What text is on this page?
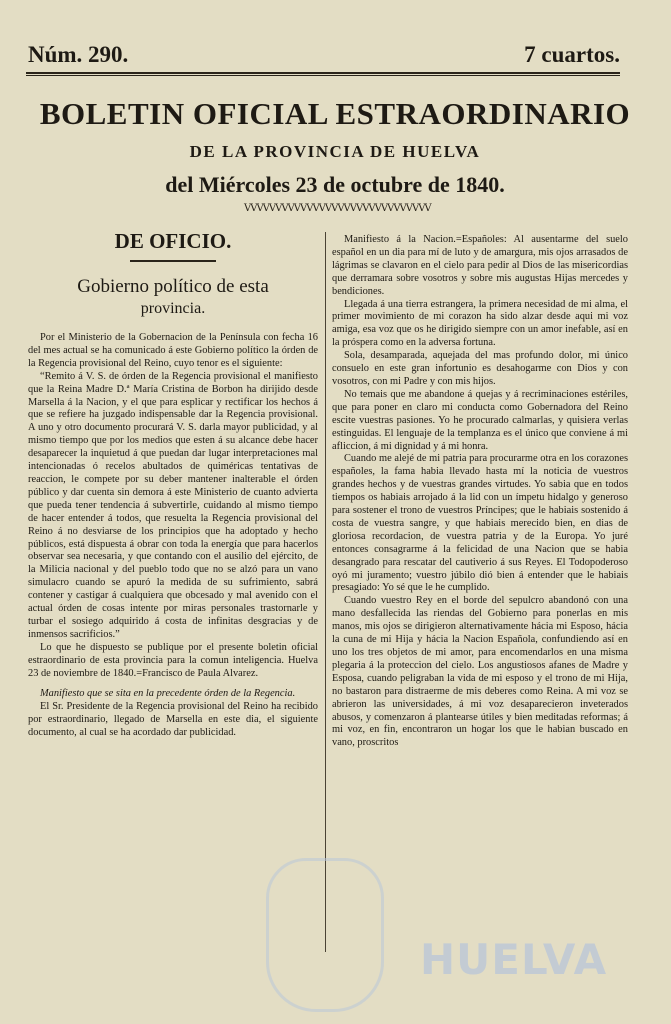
Núm. 290.	7 cuartos.
BOLETIN OFICIAL ESTRAORDINARIO
DE LA PROVINCIA DE HUELVA
del Miércoles 23 de octubre de 1840.
VVVVVVVVVVVVVVVVVVVVVVVVVVVVVV
DE OFICIO.
Gobierno político de esta
provincia.

Por el Ministerio de la Gobernacion de la Península con fecha 16 del mes actual se ha comunicado á este Gobierno político la órden de la Regencia provisional del Reino, cuyo tenor es el siguiente:

“Remito á V. S. de órden de la Regencia provisional el manifiesto que la Reina Madre D.ª María Cristina de Borbon ha dirijido desde Marsella á la Nacion, y el que para esplicar y rectificar los hechos á que se refiere ha juzgado indispensable dar la Regencia provisional. A uno y otro documento procurará V. S. darla mayor publicidad, y al mismo tiempo que por los medios que esten á su alcance debe hacer desaparecer la inquietud á que puedan dar lugar interpretaciones mal intencionadas ó recelos abultados de quiméricas tentativas de reaccion, le compete por su deber mantener inalterable el órden público y dar cuenta sin demora á este Ministerio de cuanto advierta que pueda tener tendencia á subvertirle, cuidando al mismo tiempo de hacer entender á todos, que resuelta la Regencia provisional del Reino á no desviarse de los principios que ha adoptado y hecho públicos, está dispuesta á obrar con toda la energía que para hacerlos observar sea necesaria, y que contando con el ausilio del ejército, de la Milicia nacional y del pueblo todo que no se alzó para un vano simulacro cuando se apuró la medida de su sufrimiento, sabrá contener y castigar á cualquiera que obcesado y mal avenido con el actual órden de cosas intente por miras personales trastornarle y turbar el sosiego adquirido á costa de infinitas desgracias y de inmensos sacrificios.”

Lo que he dispuesto se publique por el presente boletin oficial estraordinario de esta provincia para la comun inteligencia. Huelva 23 de noviembre de 1840.=Francisco de Paula Alvarez.

Manifiesto que se sita en la precedente órden de la Regencia.

El Sr. Presidente de la Regencia provisional del Reino ha recibido por estraordinario, llegado de Marsella en este dia, el siguiente documento, al cual se ha acordado dar publicidad.

Manifiesto á la Nacion.=Españoles: Al ausentarme del suelo español en un dia para mí de luto y de amargura, mis ojos arrasados de lágrimas se clavaron en el cielo para pedir al Dios de las misericordias que derramara sobre vosotros y sobre mis augustas Hijas mercedes y bendiciones.

Llegada á una tierra estrangera, la primera necesidad de mi alma, el primer movimiento de mi corazon ha sido alzar desde aqui mi voz amiga, esa voz que os he dirigido siempre con un amor inefable, así en la próspera como en la adversa fortuna.

Sola, desamparada, aquejada del mas profundo dolor, mi único consuelo en este gran infortunio es desahogarme con Dios y con vosotros, con mi Padre y con mis hijos.

No temais que me abandone á quejas y á recriminaciones estériles, que para poner en claro mi conducta como Gobernadora del Reino escite vuestras pasiones. Yo he procurado calmarlas, y quisiera verlas estinguidas. El lenguaje de la templanza es el único que conviene á mi afliccion, á mi dignidad y á mi honra.

Cuando me alejé de mi patria para procurarme otra en los corazones españoles, la fama habia llevado hasta mí la noticia de vuestros grandes hechos y de vuestras grandes virtudes. Yo sabia que en todos tiempos os habiais arrojado á la lid con un ímpetu hidalgo y generoso para sostener el trono de vuestros Príncipes; que le habiais sostenido á costa de vuestra sangre, y que habiais merecido bien, en dias de gloriosa recordacion, de vuestra patria y de la Europa. Yo juré entonces consagrarme á la felicidad de una Nacion que se habia desangrado para rescatar del cautiverio á sus Reyes. El Todopoderoso oyó mi juramento; vuestro júbilo dió bien á entender que le habiais presagiado: Yo sé que le he cumplido.

Cuando vuestro Rey en el borde del sepulcro abandonó con una mano desfallecida las riendas del Gobierno para ponerlas en mis manos, mis ojos se dirigieron alternativamente hácia mi Esposo, hácia la cuna de mi Hija y hácia la Nacion Española, confundiendo así en uno los tres objetos de mi amor, para encomendarlos en una misma plegaria á la proteccion del cielo. Los angustiosos afanes de Madre y Esposa, cuando peligraban la vida de mi esposo y el trono de mi Hija, no bastaron para distraerme de mis deberes como Reina. A mi voz se abrieron las universidades, á mi voz desaparecieron inveterados abusos, y comenzaron á plantearse útiles y bien meditadas reformas; á mi voz, en fin, encontraron un hogar los que le habian buscado en vano, proscritos

HUELVA
